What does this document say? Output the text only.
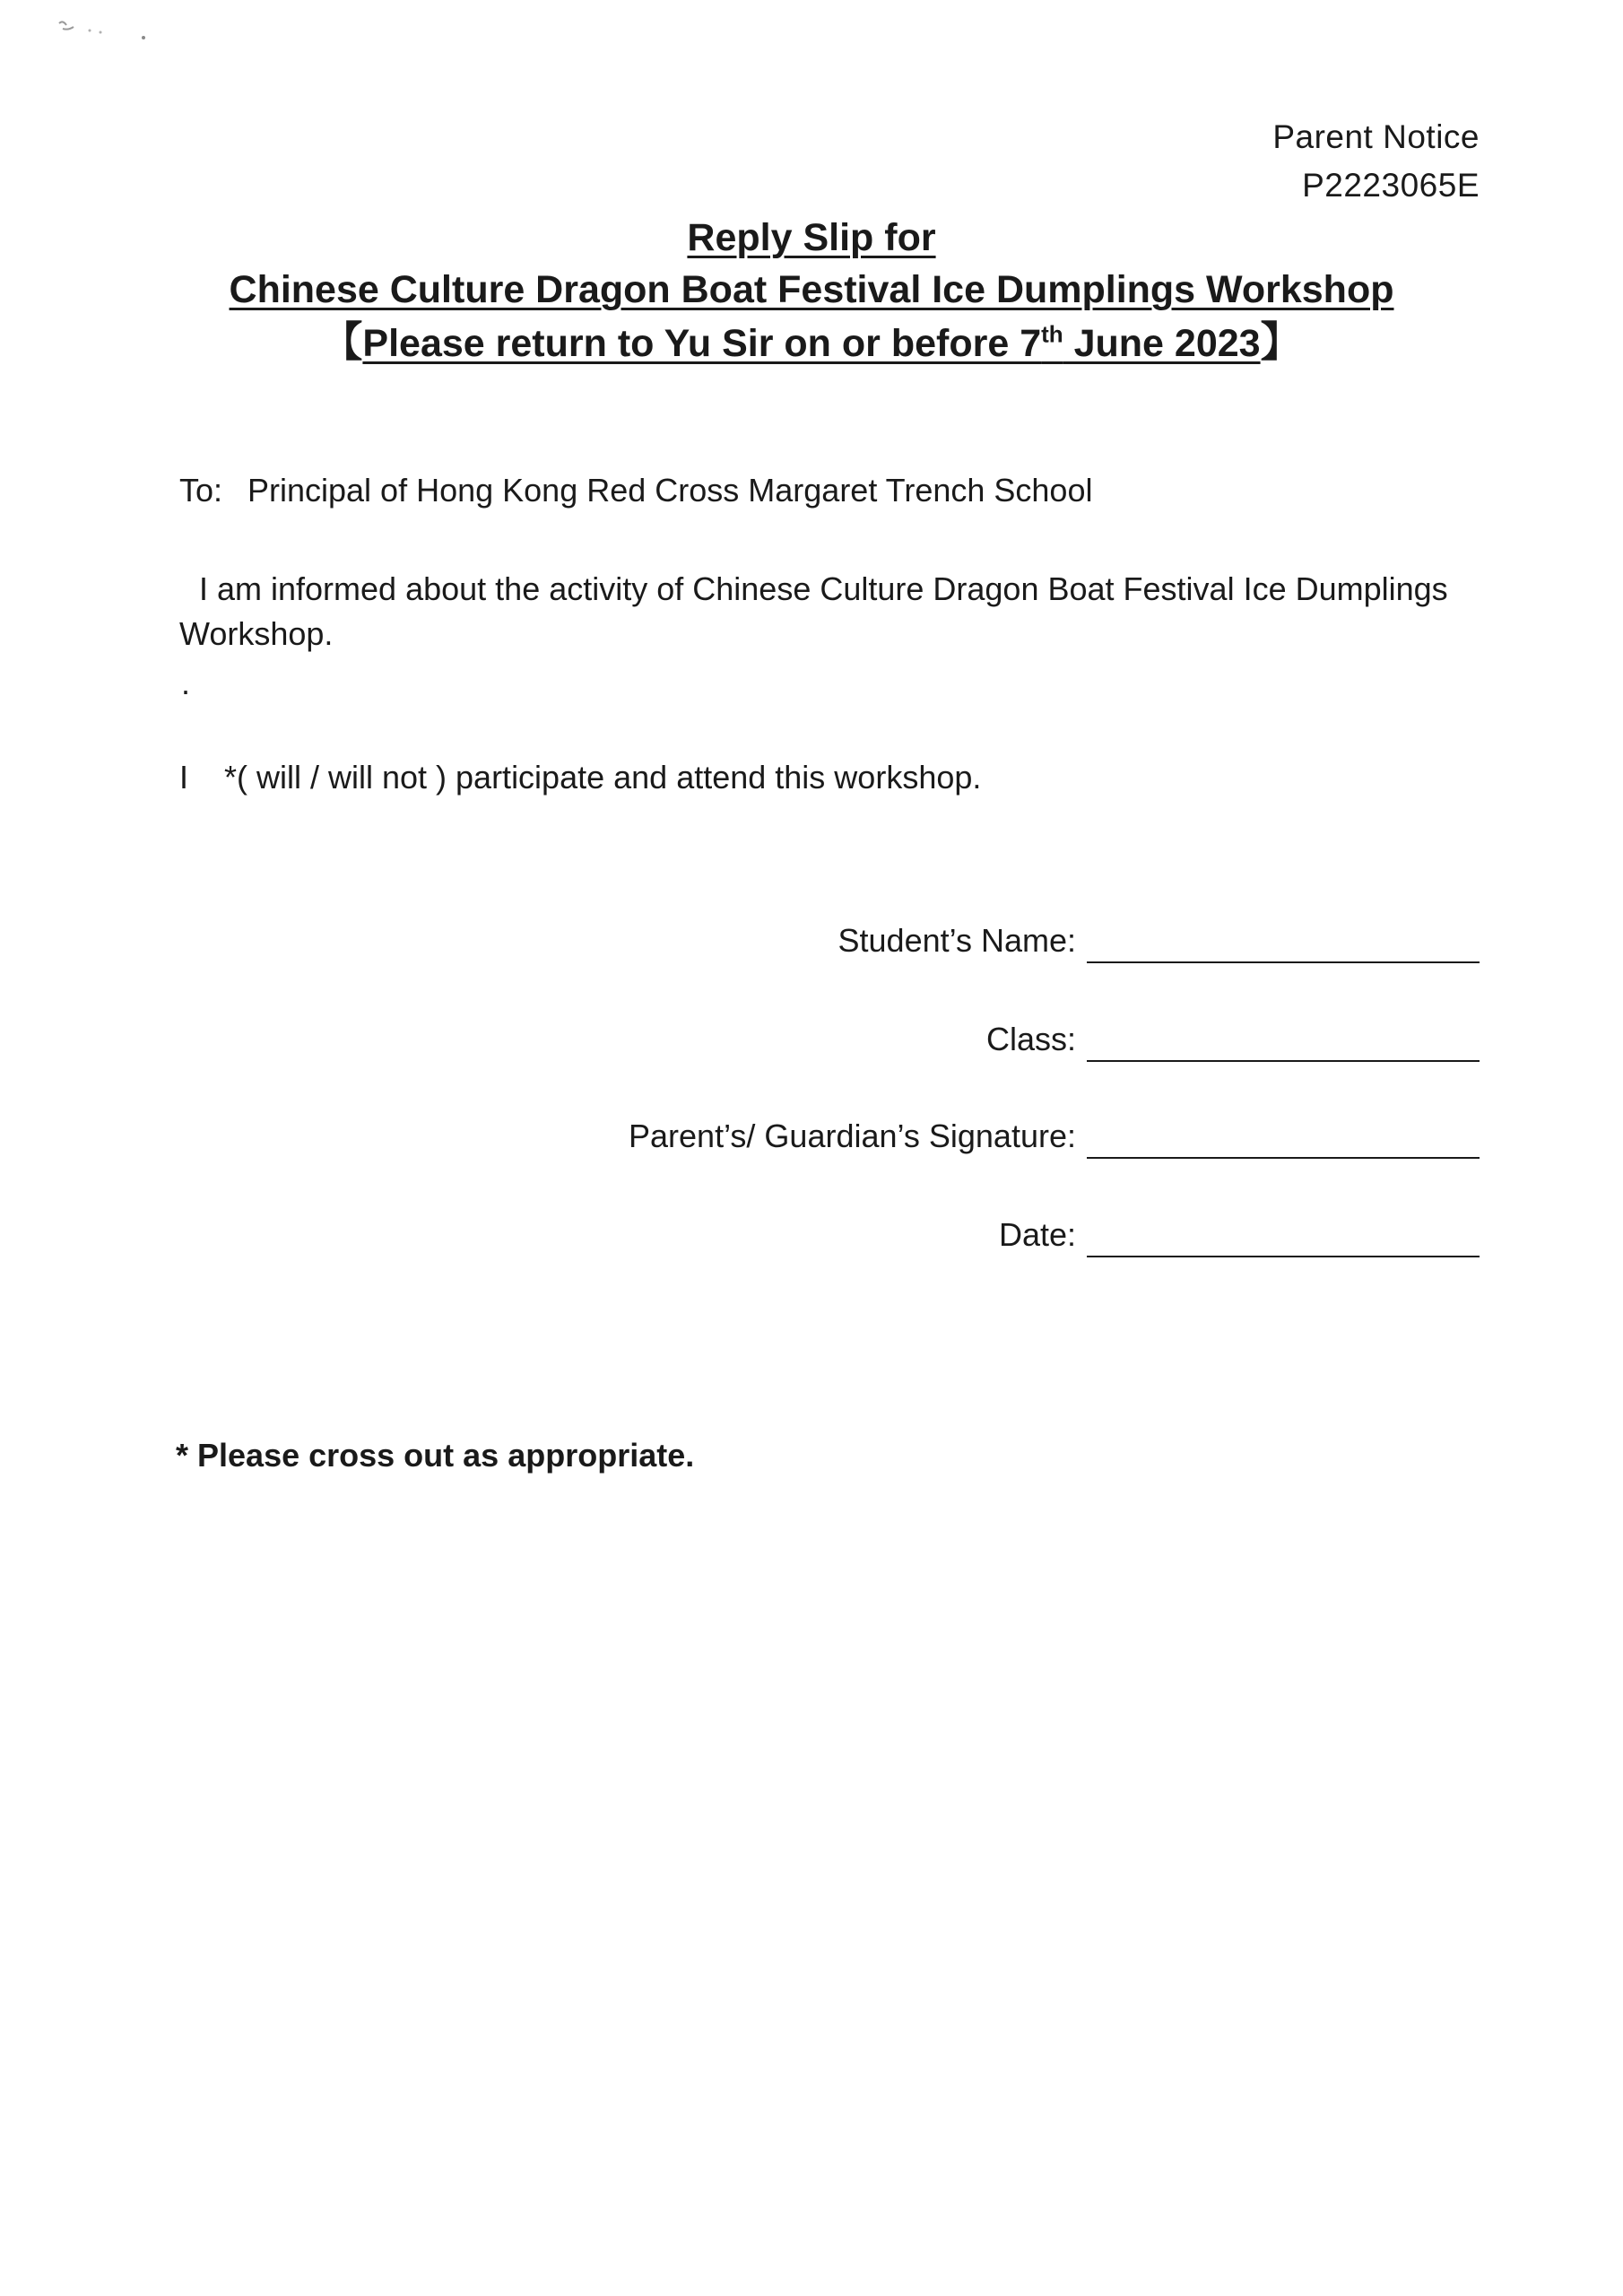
Parent Notice
P2223065E
Reply Slip for
Chinese Culture Dragon Boat Festival Ice Dumplings Workshop
【Please return to Yu Sir on or before 7th June 2023】
To: Principal of Hong Kong Red Cross Margaret Trench School
I am informed about the activity of Chinese Culture Dragon Boat Festival Ice Dumplings Workshop.
.
I *( will / will not ) participate and attend this workshop.
Student’s Name:
Class:
Parent’s/ Guardian’s Signature:
Date:
* Please cross out as appropriate.
